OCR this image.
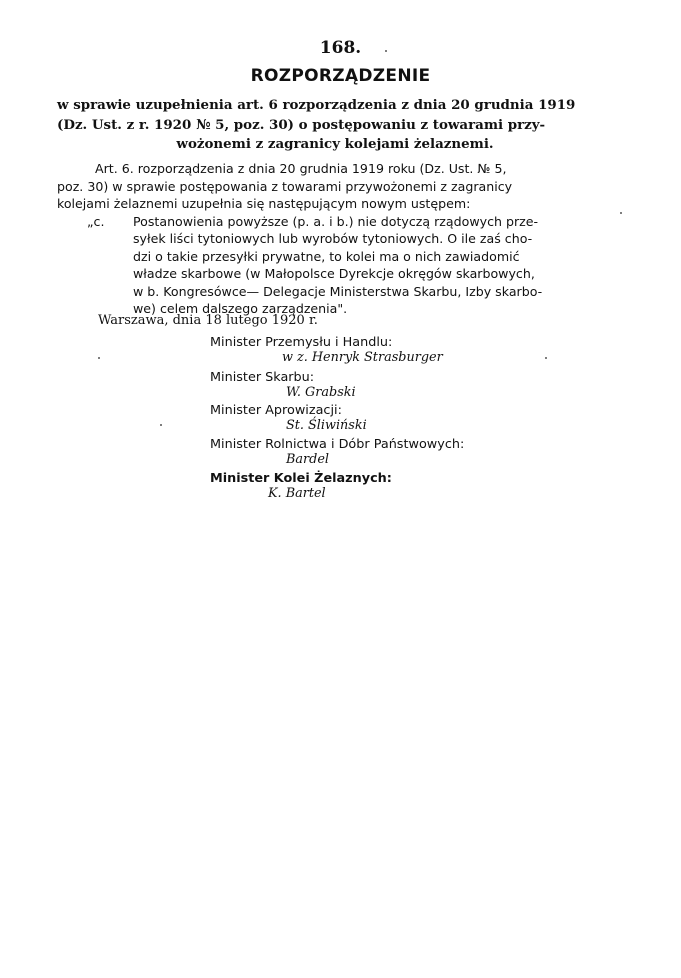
168.
ROZPORZĄDZENIE
w sprawie uzupełnienia art. 6 rozporządzenia z dnia 20 grudnia 1919
(Dz. Ust. z r. 1920 № 5, poz. 30) o postępowaniu z towarami przy-
wożonemi z zagranicy kolejami żelaznemi.
Art. 6. rozporządzenia z dnia 20 grudnia 1919 roku (Dz. Ust. № 5,
poz. 30) w sprawie postępowania z towarami przywożonemi z zagranicy
kolejami żelaznemi uzupełnia się następującym nowym ustępem:
„c. Postanowienia powyższe (p. a. i b.) nie dotyczą rządowych prze-
syłek liści tytoniowych lub wyrobów tytoniowych. O ile zaś cho-
dzi o takie przesyłki prywatne, to kolei ma o nich zawiadomić
władze skarbowe (w Małopolsce Dyrekcje okręgów skarbowych,
w b. Kongresówce— Delegacje Ministerstwa Skarbu, Izby skarbo-
we) celem dalszego zarządzenia".
Warszawa, dnia 18 lutego 1920 r.
Minister Przemysłu i Handlu:
w z. Henryk Strasburger
Minister Skarbu:
W. Grabski
Minister Aprowizacji:
St. Śliwiński
Minister Rolnictwa i Dóbr Państwowych:
Bardel
Minister Kolei Żelaznych:
K. Bartel
